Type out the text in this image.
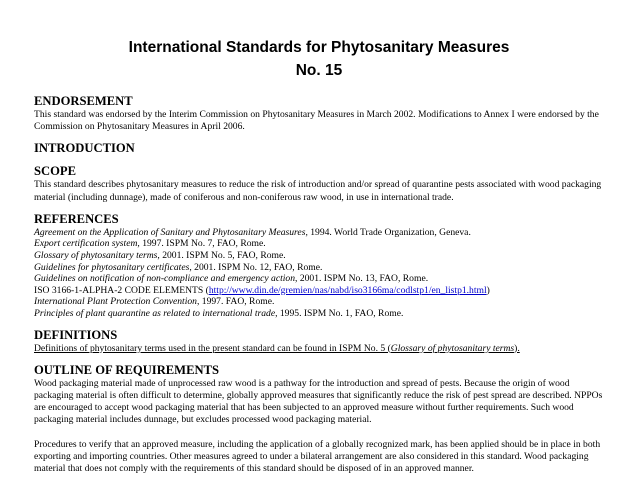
International Standards for Phytosanitary Measures
No. 15
ENDORSEMENT

This standard was endorsed by the Interim Commission on Phytosanitary Measures in March 2002. Modifications to Annex I were endorsed by the Commission on Phytosanitary Measures in April 2006.

INTRODUCTION
SCOPE

This standard describes phytosanitary measures to reduce the risk of introduction and/or spread of quarantine pests associated with wood packaging material (including dunnage), made of coniferous and non-coniferous raw wood, in use in international trade.

REFERENCES
Agreement on the Application of Sanitary and Phytosanitary Measures, 1994. World Trade Organization, Geneva.
Export certification system, 1997. ISPM No. 7, FAO, Rome.
Glossary of phytosanitary terms, 2001. ISPM No. 5, FAO, Rome.
Guidelines for phytosanitary certificates, 2001. ISPM No. 12, FAO, Rome.
Guidelines on notification of non-compliance and emergency action, 2001. ISPM No. 13, FAO, Rome.
ISO 3166-1-ALPHA-2 CODE ELEMENTS (http://www.din.de/gremien/nas/nabd/iso3166ma/codlstp1/en_listp1.html)
International Plant Protection Convention, 1997. FAO, Rome.
Principles of plant quarantine as related to international trade, 1995. ISPM No. 1, FAO, Rome.
DEFINITIONS

Definitions of phytosanitary terms used in the present standard can be found in ISPM No. 5 (Glossary of phytosanitary terms).

OUTLINE OF REQUIREMENTS

Wood packaging material made of unprocessed raw wood is a pathway for the introduction and spread of pests. Because the origin of wood packaging material is often difficult to determine, globally approved measures that significantly reduce the risk of pest spread are described. NPPOs are encouraged to accept wood packaging material that has been subjected to an approved measure without further requirements. Such wood packaging material includes dunnage, but excludes processed wood packaging material.

Procedures to verify that an approved measure, including the application of a globally recognized mark, has been applied should be in place in both exporting and importing countries. Other measures agreed to under a bilateral arrangement are also considered in this standard. Wood packaging material that does not comply with the requirements of this standard should be disposed of in an approved manner.
